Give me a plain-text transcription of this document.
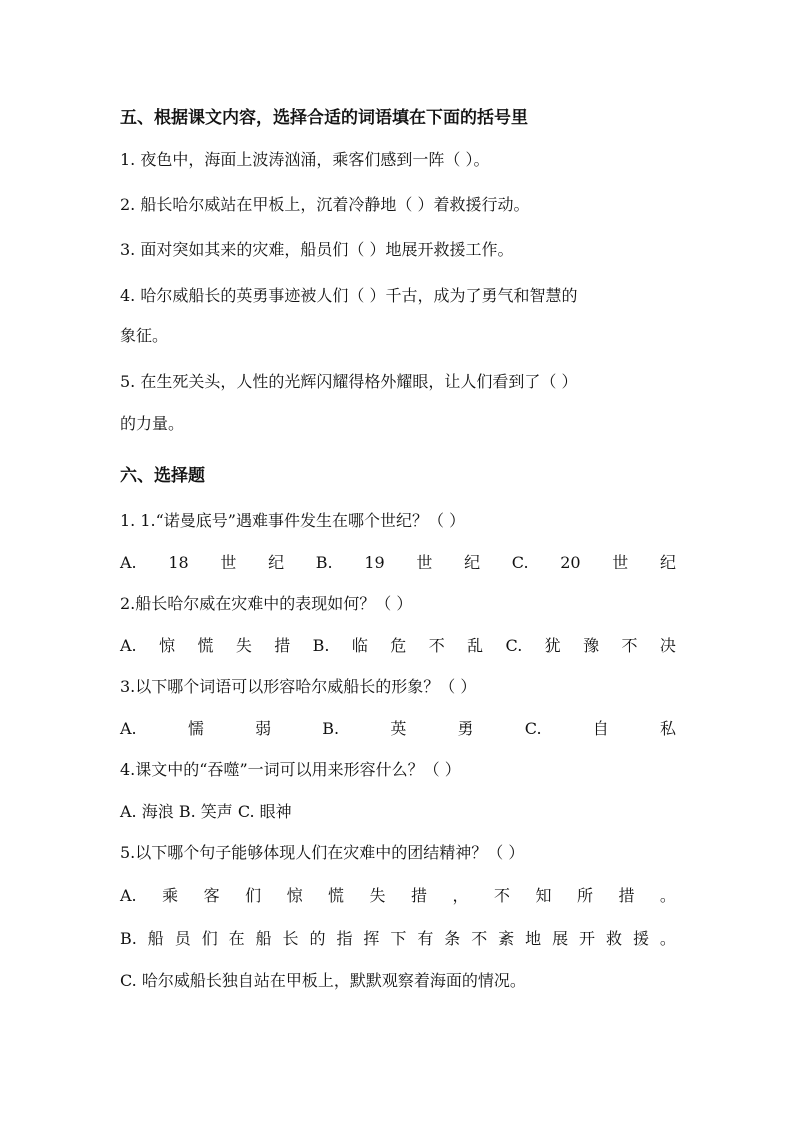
五、根据课文内容，选择合适的词语填在下面的括号里
1. 夜色中，海面上波涛汹涌，乘客们感到一阵（ ）。
2. 船长哈尔威站在甲板上，沉着冷静地（ ）着救援行动。
3. 面对突如其来的灾难，船员们（ ）地展开救援工作。
4. 哈尔威船长的英勇事迹被人们（ ）千古，成为了勇气和智慧的
象征。
5. 在生死关头，人性的光辉闪耀得格外耀眼，让人们看到了（ ）
的力量。
六、选择题
1. 1.“诺曼底号”遇难事件发生在哪个世纪？（ ）
A. 18 世 纪 B. 19 世 纪 C. 20 世 纪
2.船长哈尔威在灾难中的表现如何？（ ）
A. 惊 慌 失 措 B. 临 危 不 乱 C. 犹 豫 不 决
3.以下哪个词语可以形容哈尔威船长的形象？（ ）
A.	懦	弱	B.	英	勇	C.	自	私
4.课文中的“吞噬”一词可以用来形容什么？（ ）
A. 海浪 B. 笑声 C. 眼神
5.以下哪个句子能够体现人们在灾难中的团结精神？（ ）
A. 乘 客 们 惊 慌 失 措 ， 不 知 所 措 。
B. 船 员 们 在 船 长 的 指 挥 下 有 条 不 紊 地 展 开 救 援 。
C. 哈尔威船长独自站在甲板上，默默观察着海面的情况。
